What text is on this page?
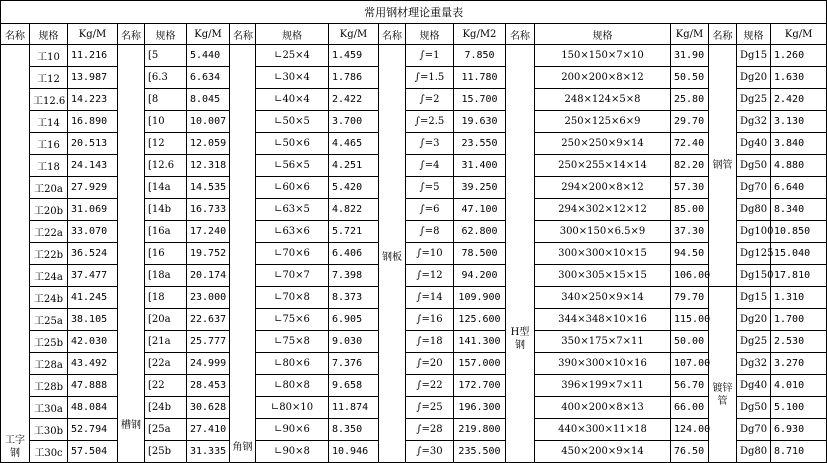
常用钢材理论重量表																	
名称	规格	Kg/M	名称	规格	Kg/M	名称	规格	Kg/M	名称	规格	Kg/M2	名称	规格	Kg/M	名称	规格	Kg/M
工字钢	工10	11.216	槽钢	[5	5.440	角钢	∟25×4	1.459	钢板	∫=1	7.850	H型钢	150×150×7×10	31.90	钢管	Dg15	1.260
	工12	13.987		[6.3	6.634		∟30×4	1.786		∫=1.5	11.780		200×200×8×12	50.50		Dg20	1.630
	工12.6	14.223		[8	8.045		∟40×4	2.422		∫=2	15.700		248×124×5×8	25.80		Dg25	2.420
	工14	16.890		[10	10.007		∟50×5	3.700		∫=2.5	19.630		250×125×6×9	29.70		Dg32	3.130
	工16	20.513		[12	12.059		∟50×6	4.465		∫=3	23.550		250×250×9×14	72.40		Dg40	3.840
	工18	24.143		[12.6	12.318		∟56×5	4.251		∫=4	31.400		250×255×14×14	82.20		Dg50	4.880
	工20a	27.929		[14a	14.535		∟60×6	5.420		∫=5	39.250		294×200×8×12	57.30		Dg70	6.640
	工20b	31.069		[14b	16.733		∟63×5	4.822		∫=6	47.100		294×302×12×12	85.00		Dg80	8.340
	工22a	33.070		[16a	17.240		∟63×6	5.721		∫=8	62.800		300×150×6.5×9	37.30		Dg100	10.850
	工22b	36.524		[16	19.752		∟70×6	6.406		∫=10	78.500		300×300×10×15	94.50		Dg125	15.040
	工24a	37.477		[18a	20.174		∟70×7	7.398		∫=12	94.200		300×305×15×15	106.00		Dg150	17.810
	工24b	41.245		[18	23.000		∟70×8	8.373		∫=14	109.900		340×250×9×14	79.70	镀锌管	Dg15	1.310
	工25a	38.105		[20a	22.637		∟75×6	6.905		∫=16	125.600		344×348×10×16	115.00		Dg20	1.700
	工25b	42.030		[21a	25.777		∟75×8	9.030		∫=18	141.300		350×175×7×11	50.00		Dg25	2.530
	工28a	43.492		[22a	24.999		∟80×6	7.376		∫=20	157.000		390×300×10×16	107.00		Dg32	3.270
	工28b	47.888		[22	28.453		∟80×8	9.658		∫=22	172.700		396×199×7×11	56.70		Dg40	4.010
	工30a	48.084		[24b	30.628		∟80×10	11.874		∫=25	196.300		400×200×8×13	66.00		Dg50	5.100
	工30b	52.794		[25a	27.410		∟90×6	8.350		∫=28	219.800		440×300×11×18	124.00		Dg70	6.930
	工30c	57.504		[25b	31.335		∟90×8	10.946		∫=30	235.500		450×200×9×14	76.50		Dg80	8.710
